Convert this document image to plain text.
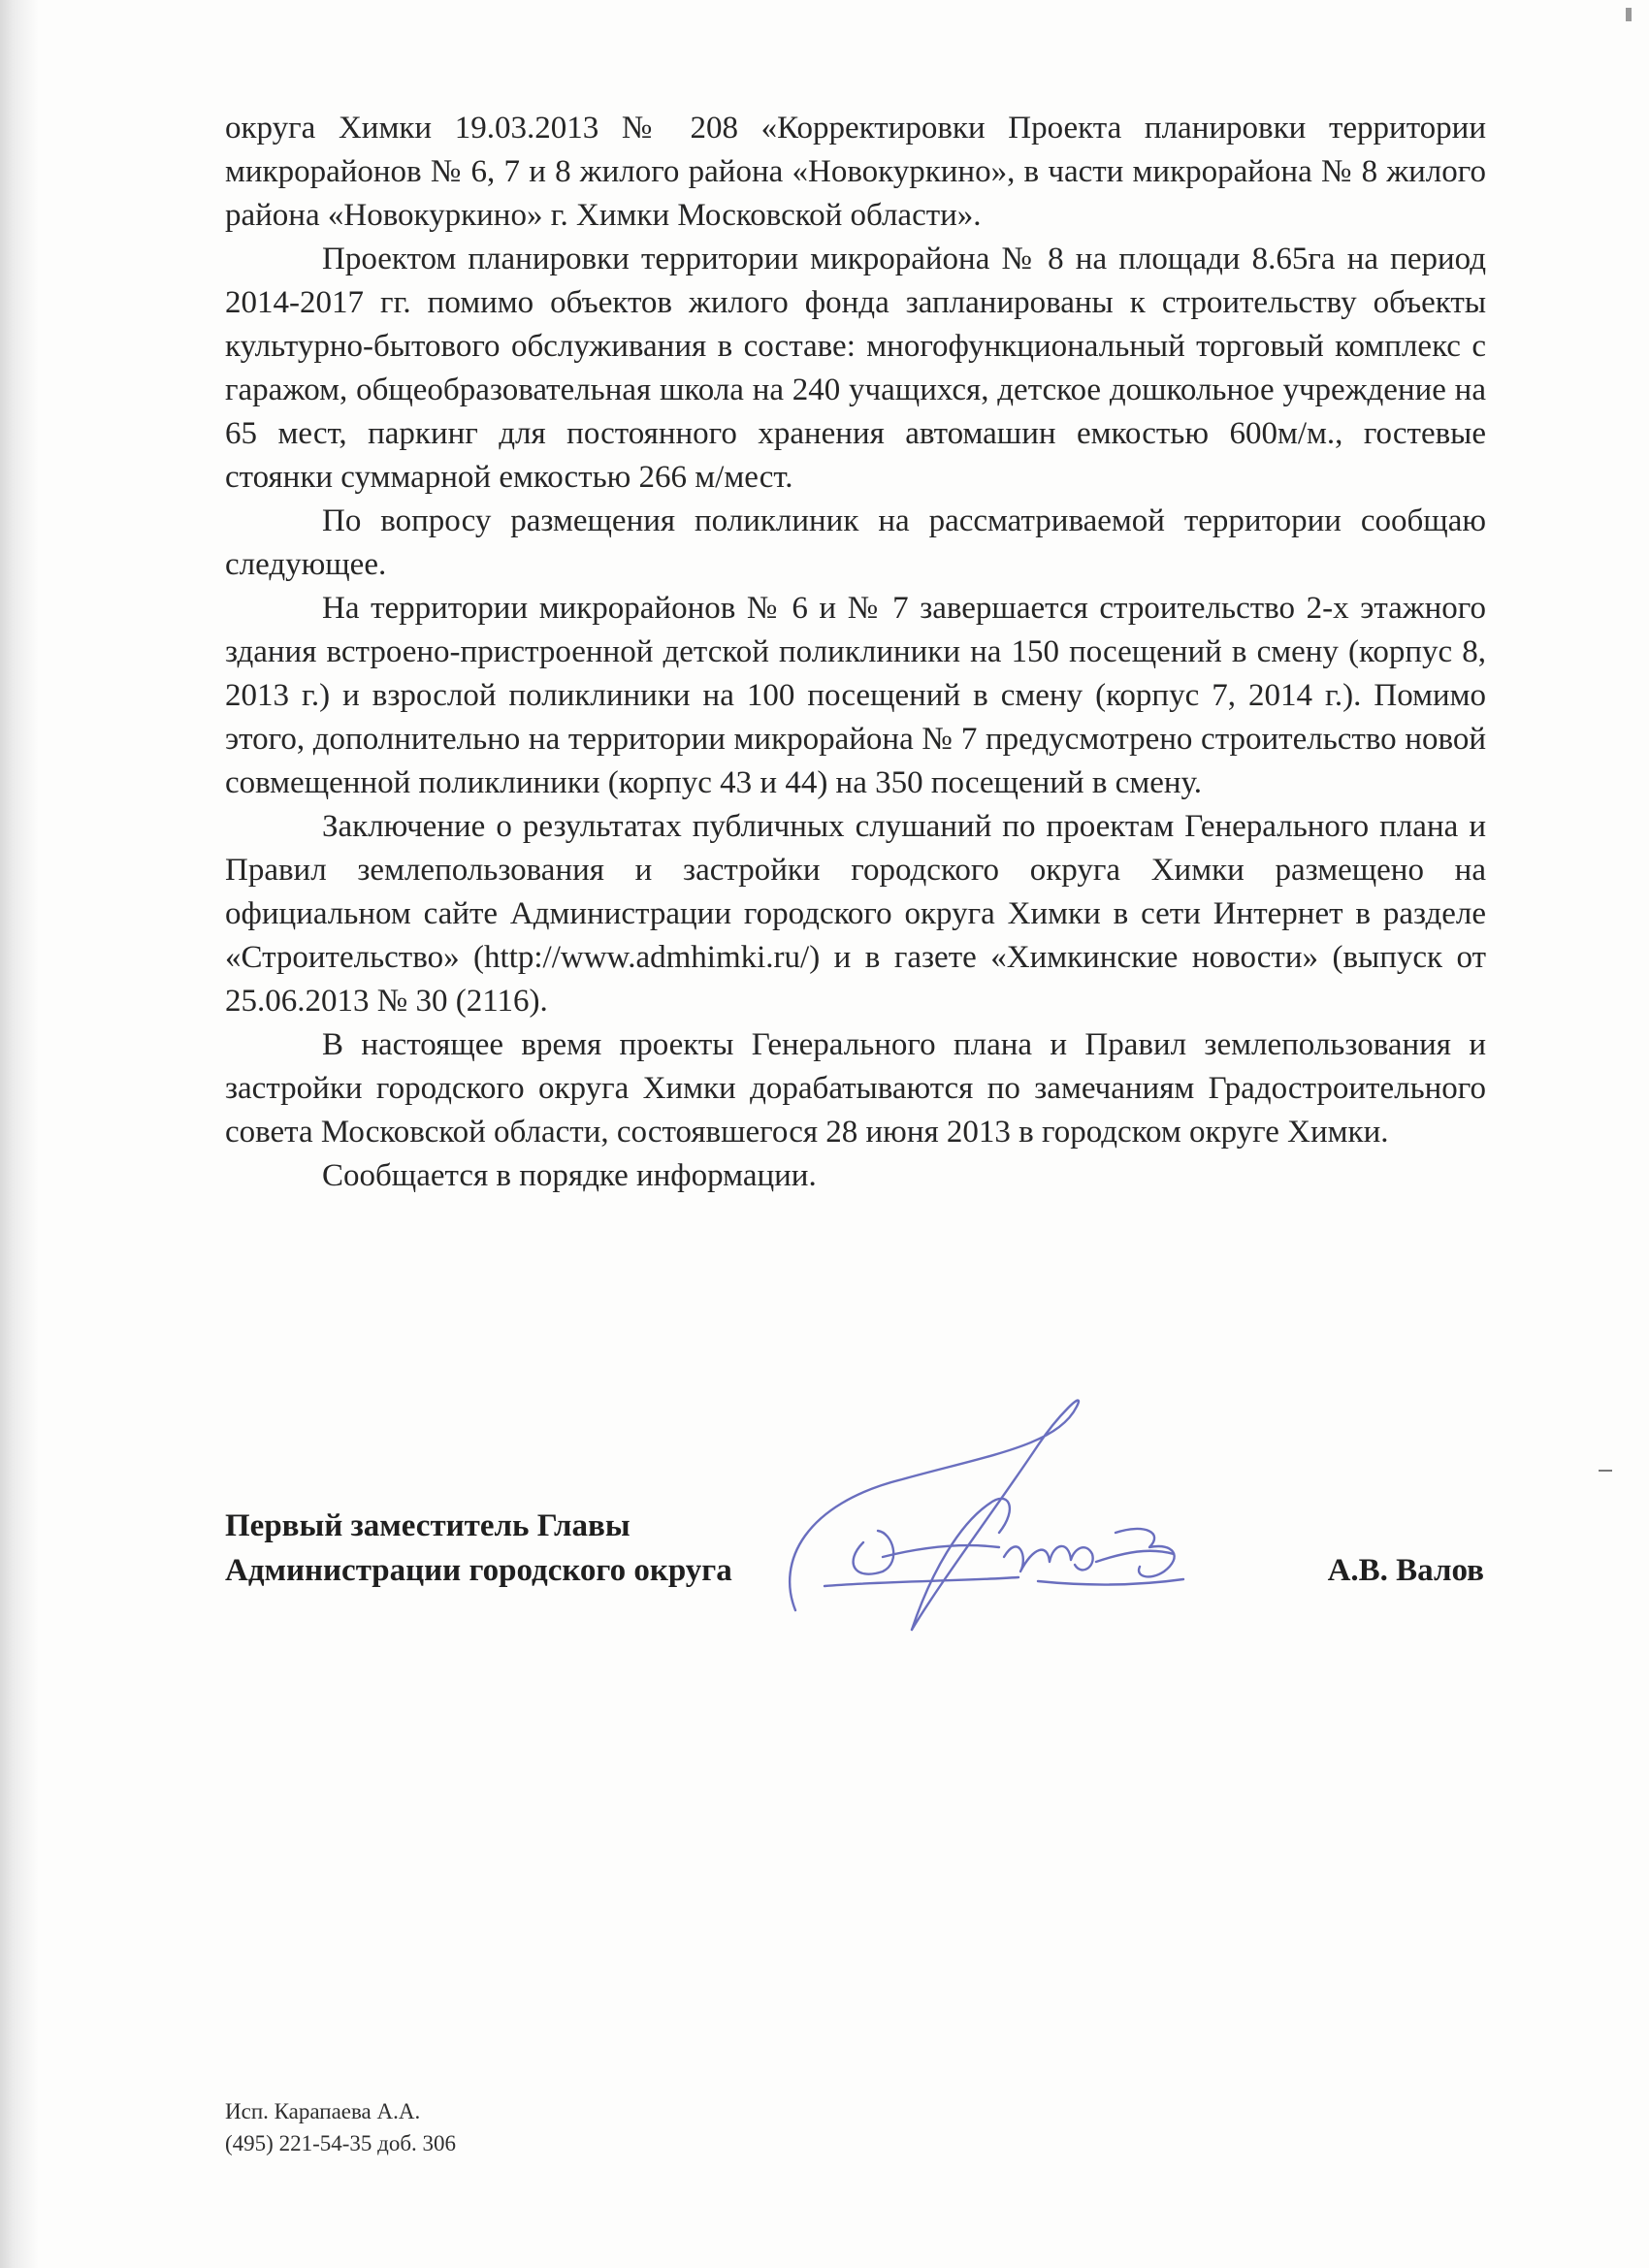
округа Химки 19.03.2013 № 208 «Корректировки Проекта планировки территории микрорайонов № 6, 7 и 8 жилого района «Новокуркино», в части микрорайона № 8 жилого района «Новокуркино» г. Химки Московской области».

Проектом планировки территории микрорайона № 8 на площади 8.65га на период 2014-2017 гг. помимо объектов жилого фонда запланированы к строительству объекты культурно-бытового обслуживания в составе: многофункциональный торговый комплекс с гаражом, общеобразовательная школа на 240 учащихся, детское дошкольное учреждение на 65 мест, паркинг для постоянного хранения автомашин емкостью 600м/м., гостевые стоянки суммарной емкостью 266 м/мест.

По вопросу размещения поликлиник на рассматриваемой территории сообщаю следующее.

На территории микрорайонов № 6 и № 7 завершается строительство 2-х этажного здания встроено-пристроенной детской поликлиники на 150 посещений в смену (корпус 8, 2013 г.) и взрослой поликлиники на 100 посещений в смену (корпус 7, 2014 г.). Помимо этого, дополнительно на территории микрорайона № 7 предусмотрено строительство новой совмещенной поликлиники (корпус 43 и 44) на 350 посещений в смену.

Заключение о результатах публичных слушаний по проектам Генерального плана и Правил землепользования и застройки городского округа Химки размещено на официальном сайте Администрации городского округа Химки в сети Интернет в разделе «Строительство» (http://www.admhimki.ru/) и в газете «Химкинские новости» (выпуск от 25.06.2013 № 30 (2116).

В настоящее время проекты Генерального плана и Правил землепользования и застройки городского округа Химки дорабатываются по замечаниям Градостроительного совета Московской области, состоявшегося 28 июня 2013 в городском округе Химки.

Сообщается в порядке информации.

Первый заместитель Главы
Администрации городского округа	А.В. Валов
Исп. Карапаева А.А.
(495) 221-54-35 доб. 306
